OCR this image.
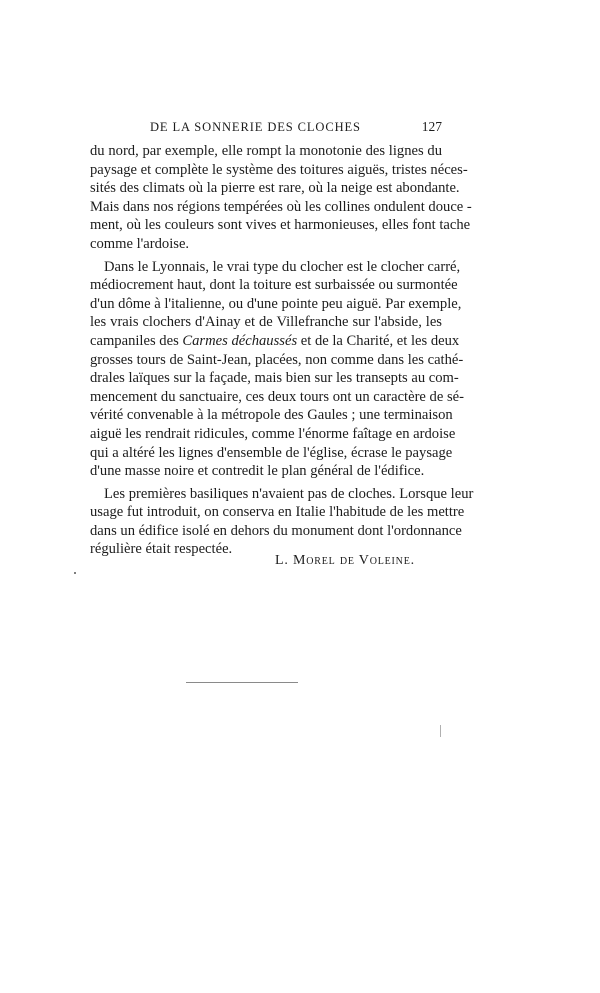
DE LA SONNERIE DES CLOCHES	127
du nord, par exemple, elle rompt la monotonie des lignes du
paysage et complète le système des toitures aiguës, tristes néces-
sités des climats où la pierre est rare, où la neige est abondante.
Mais dans nos régions tempérées où les collines ondulent douce -
ment, où les couleurs sont vives et harmonieuses, elles font tache
comme l'ardoise.
Dans le Lyonnais, le vrai type du clocher est le clocher carré,
médiocrement haut, dont la toiture est surbaissée ou surmontée
d'un dôme à l'italienne, ou d'une pointe peu aiguë. Par exemple,
les vrais clochers d'Ainay et de Villefranche sur l'abside, les
campaniles des Carmes déchaussés et de la Charité, et les deux
grosses tours de Saint-Jean, placées, non comme dans les cathé-
drales laïques sur la façade, mais bien sur les transepts au com-
mencement du sanctuaire, ces deux tours ont un caractère de sé-
vérité convenable à la métropole des Gaules ; une terminaison
aiguë les rendrait ridicules, comme l'énorme faîtage en ardoise
qui a altéré les lignes d'ensemble de l'église, écrase le paysage
d'une masse noire et contredit le plan général de l'édifice.
Les premières basiliques n'avaient pas de cloches. Lorsque leur
usage fut introduit, on conserva en Italie l'habitude de les mettre
dans un édifice isolé en dehors du monument dont l'ordonnance
régulière était respectée.
L. Morel de Voleine.
